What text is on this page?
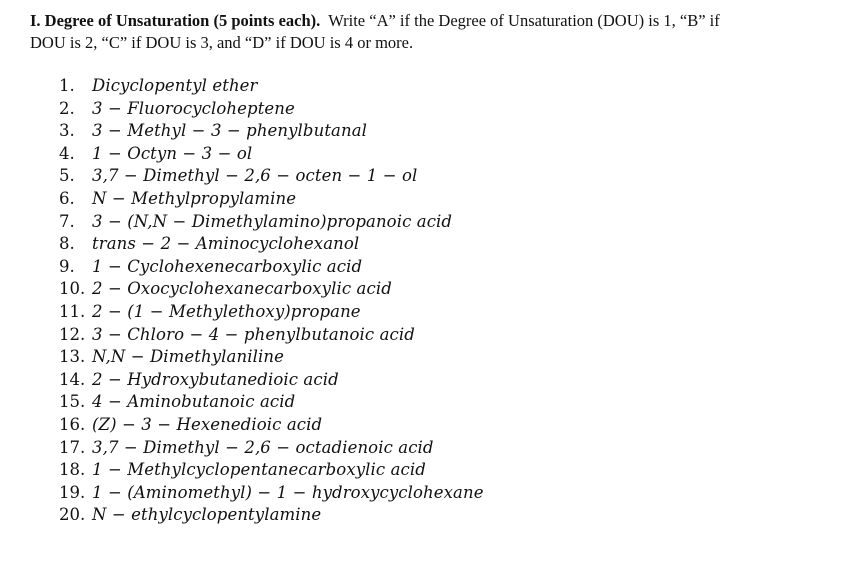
I. Degree of Unsaturation (5 points each). Write “A” if the Degree of Unsaturation (DOU) is 1, “B” if
DOU is 2, “C” if DOU is 3, and “D” if DOU is 4 or more.

1.	Dicyclopentyl ether
2.	3 − Fluorocycloheptene
3.	3 − Methyl − 3 − phenylbutanal
4.	1 − Octyn − 3 − ol
5.	3,7 − Dimethyl − 2,6 − octen − 1 − ol
6.	N − Methylpropylamine
7.	3 − (N,N − Dimethylamino)propanoic acid
8.	trans − 2 − Aminocyclohexanol
9.	1 − Cyclohexenecarboxylic acid
10. 2 − Oxocyclohexanecarboxylic acid
11. 2 − (1 − Methylethoxy)propane
12. 3 − Chloro − 4 − phenylbutanoic acid
13. N,N − Dimethylaniline
14. 2 − Hydroxybutanedioic acid
15. 4 − Aminobutanoic acid
16. (Z) − 3 − Hexenedioic acid
17. 3,7 − Dimethyl − 2,6 − octadienoic acid
18. 1 − Methylcyclopentanecarboxylic acid
19. 1 − (Aminomethyl) − 1 − hydroxycyclohexane
20. N − ethylcyclopentylamine
